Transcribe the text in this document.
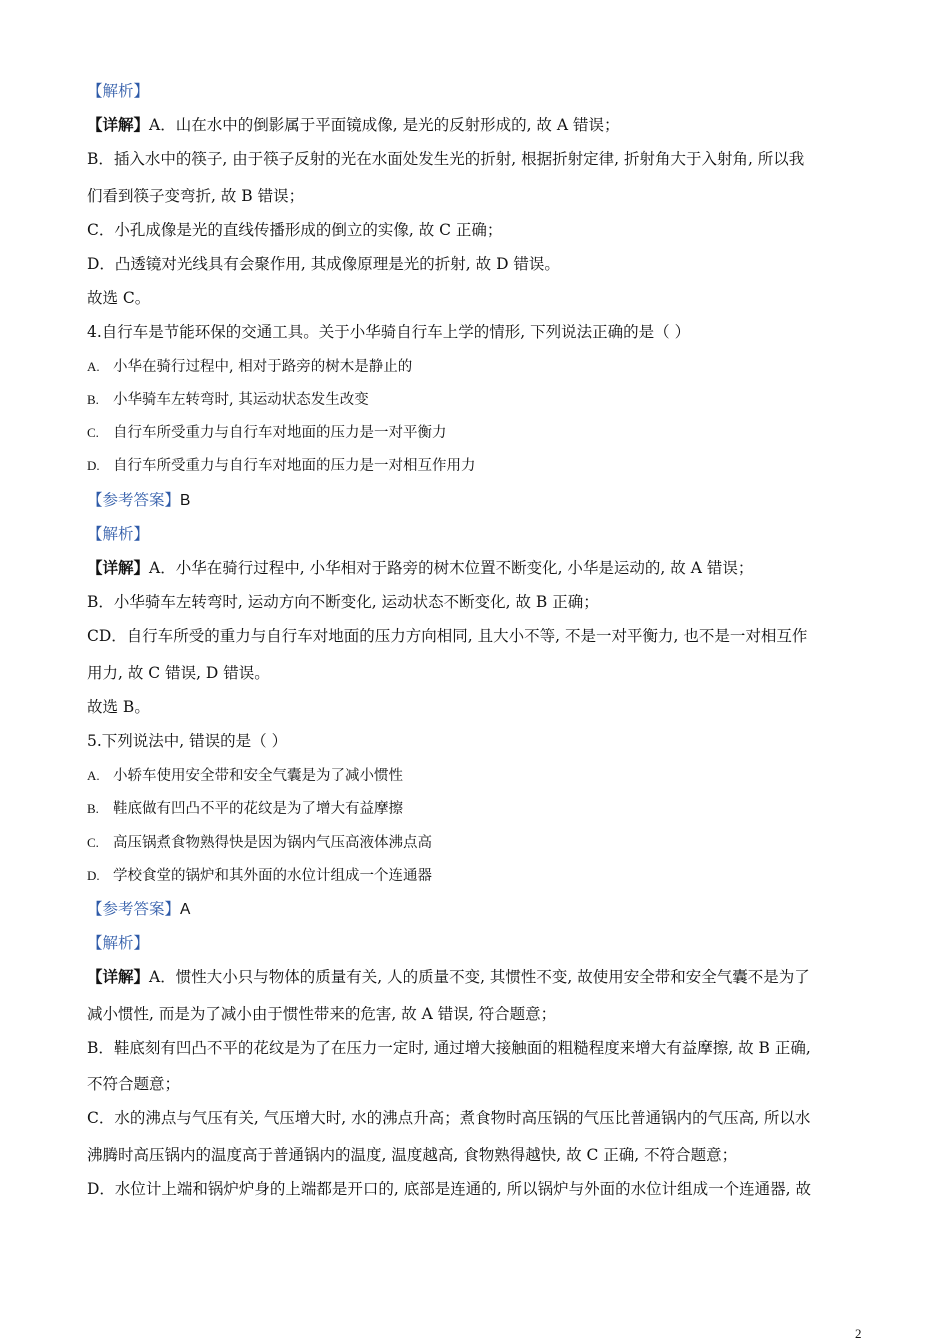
【解析】
【详解】A．山在水中的倒影属于平面镜成像, 是光的反射形成的, 故 A 错误；
B．插入水中的筷子, 由于筷子反射的光在水面处发生光的折射, 根据折射定律, 折射角大于入射角, 所以我
们看到筷子变弯折, 故 B 错误；
C．小孔成像是光的直线传播形成的倒立的实像, 故 C 正确；
D．凸透镜对光线具有会聚作用, 其成像原理是光的折射, 故 D 错误。
故选 C。
4.自行车是节能环保的交通工具。关于小华骑自行车上学的情形, 下列说法正确的是（ ）
A. 小华在骑行过程中, 相对于路旁的树木是静止的
B. 小华骑车左转弯时, 其运动状态发生改变
C. 自行车所受重力与自行车对地面的压力是一对平衡力
D. 自行车所受重力与自行车对地面的压力是一对相互作用力
【参考答案】B
【解析】
【详解】A．小华在骑行过程中, 小华相对于路旁的树木位置不断变化, 小华是运动的, 故 A 错误；
B．小华骑车左转弯时, 运动方向不断变化, 运动状态不断变化, 故 B 正确；
CD．自行车所受的重力与自行车对地面的压力方向相同, 且大小不等, 不是一对平衡力, 也不是一对相互作
用力, 故 C 错误, D 错误。
故选 B。
5.下列说法中, 错误的是（ ）
A. 小轿车使用安全带和安全气囊是为了减小惯性
B. 鞋底做有凹凸不平的花纹是为了增大有益摩擦
C. 高压锅煮食物熟得快是因为锅内气压高液体沸点高
D. 学校食堂的锅炉和其外面的水位计组成一个连通器
【参考答案】A
【解析】
【详解】A．惯性大小只与物体的质量有关, 人的质量不变, 其惯性不变, 故使用安全带和安全气囊不是为了
减小惯性, 而是为了减小由于惯性带来的危害, 故 A 错误, 符合题意；
B．鞋底刻有凹凸不平的花纹是为了在压力一定时, 通过增大接触面的粗糙程度来增大有益摩擦, 故 B 正确,
不符合题意；
C．水的沸点与气压有关, 气压增大时, 水的沸点升高；煮食物时高压锅的气压比普通锅内的气压高, 所以水
沸腾时高压锅内的温度高于普通锅内的温度, 温度越高, 食物熟得越快, 故 C 正确, 不符合题意；
D．水位计上端和锅炉炉身的上端都是开口的, 底部是连通的, 所以锅炉与外面的水位计组成一个连通器, 故
2
